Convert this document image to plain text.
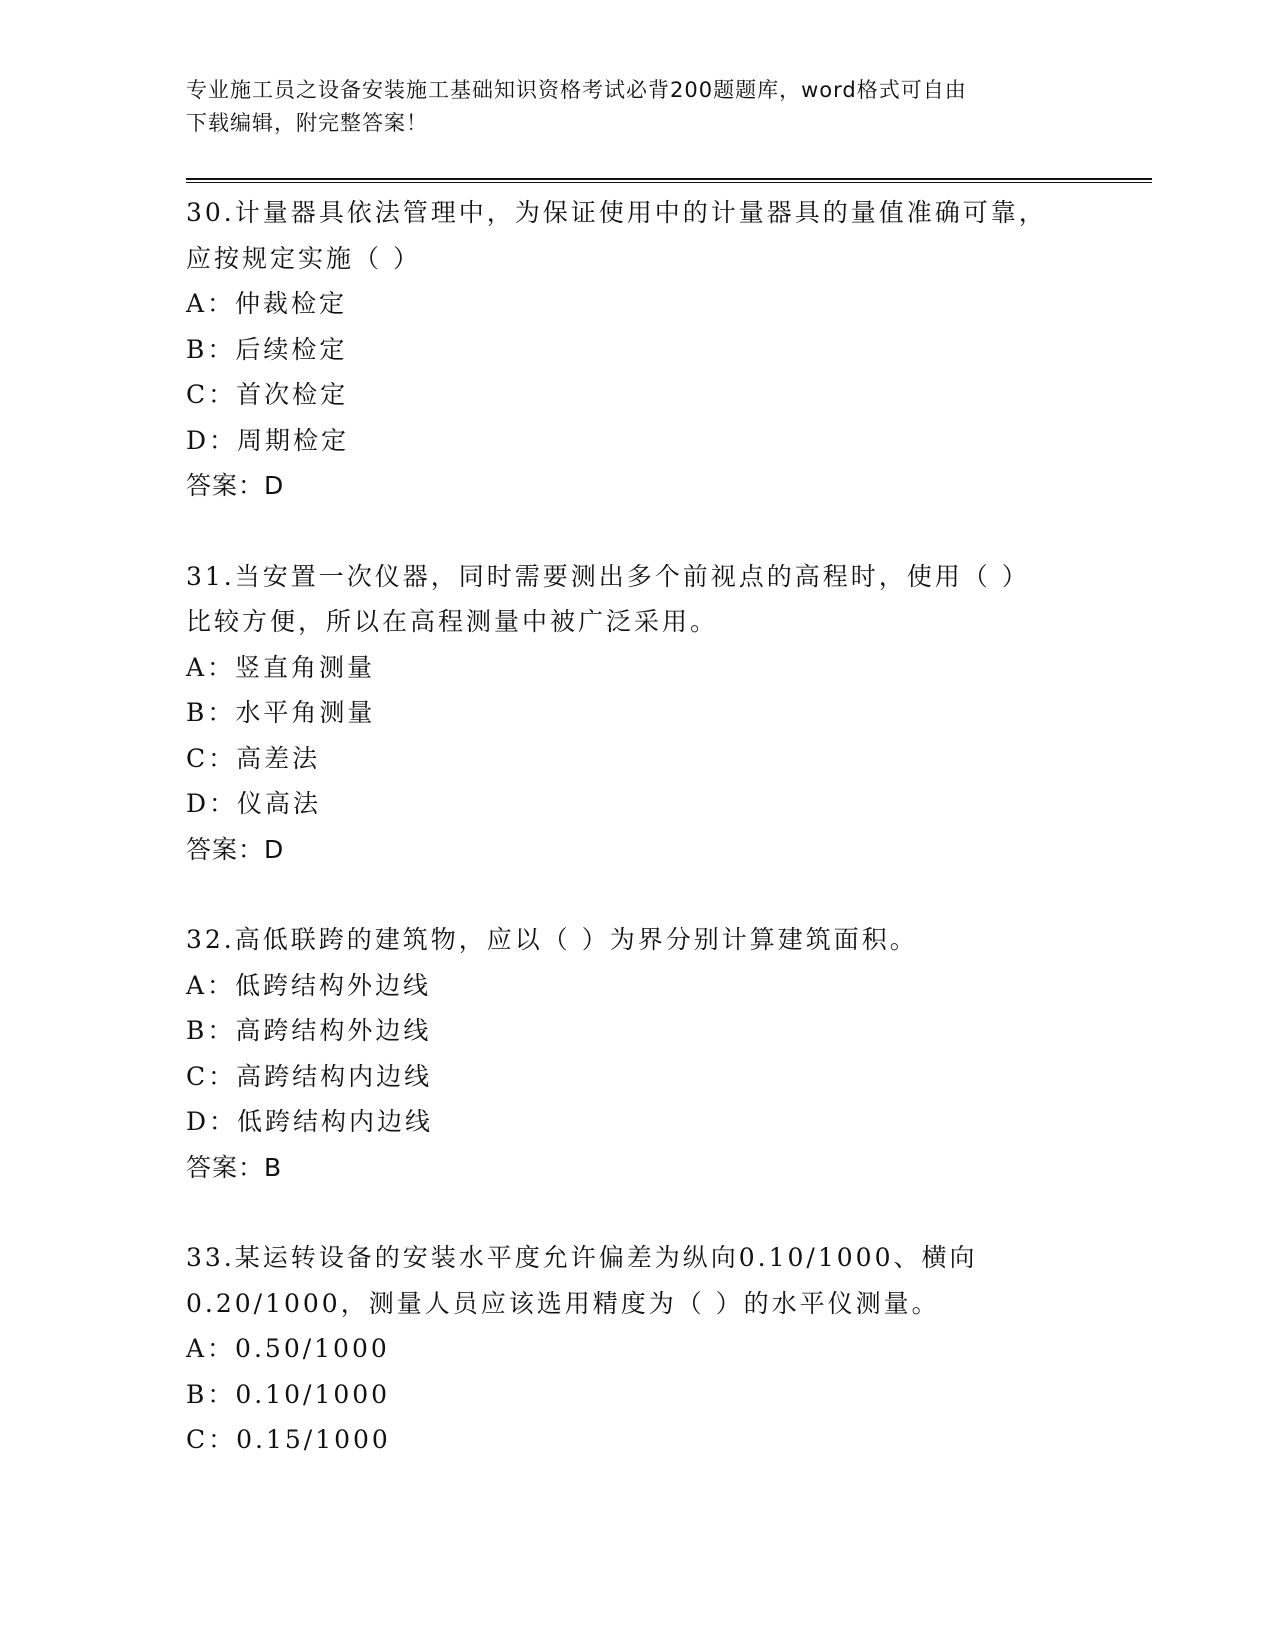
专业施工员之设备安装施工基础知识资格考试必背200题题库，word格式可自由
下载编辑，附完整答案！

30.计量器具依法管理中，为保证使用中的计量器具的量值准确可靠，

应按规定实施（ ）

A：仲裁检定

B：后续检定

C：首次检定

D：周期检定

答案：D

31.当安置一次仪器，同时需要测出多个前视点的高程时，使用（ ）

比较方便，所以在高程测量中被广泛采用。

A：竖直角测量

B：水平角测量

C：高差法

D：仪高法

答案：D

32.高低联跨的建筑物，应以（ ）为界分别计算建筑面积。

A：低跨结构外边线

B：高跨结构外边线

C：高跨结构内边线

D：低跨结构内边线

答案：B

33.某运转设备的安装水平度允许偏差为纵向0.10/1000、横向

0.20/1000，测量人员应该选用精度为（ ）的水平仪测量。

A：0.50/1000

B：0.10/1000

C：0.15/1000
